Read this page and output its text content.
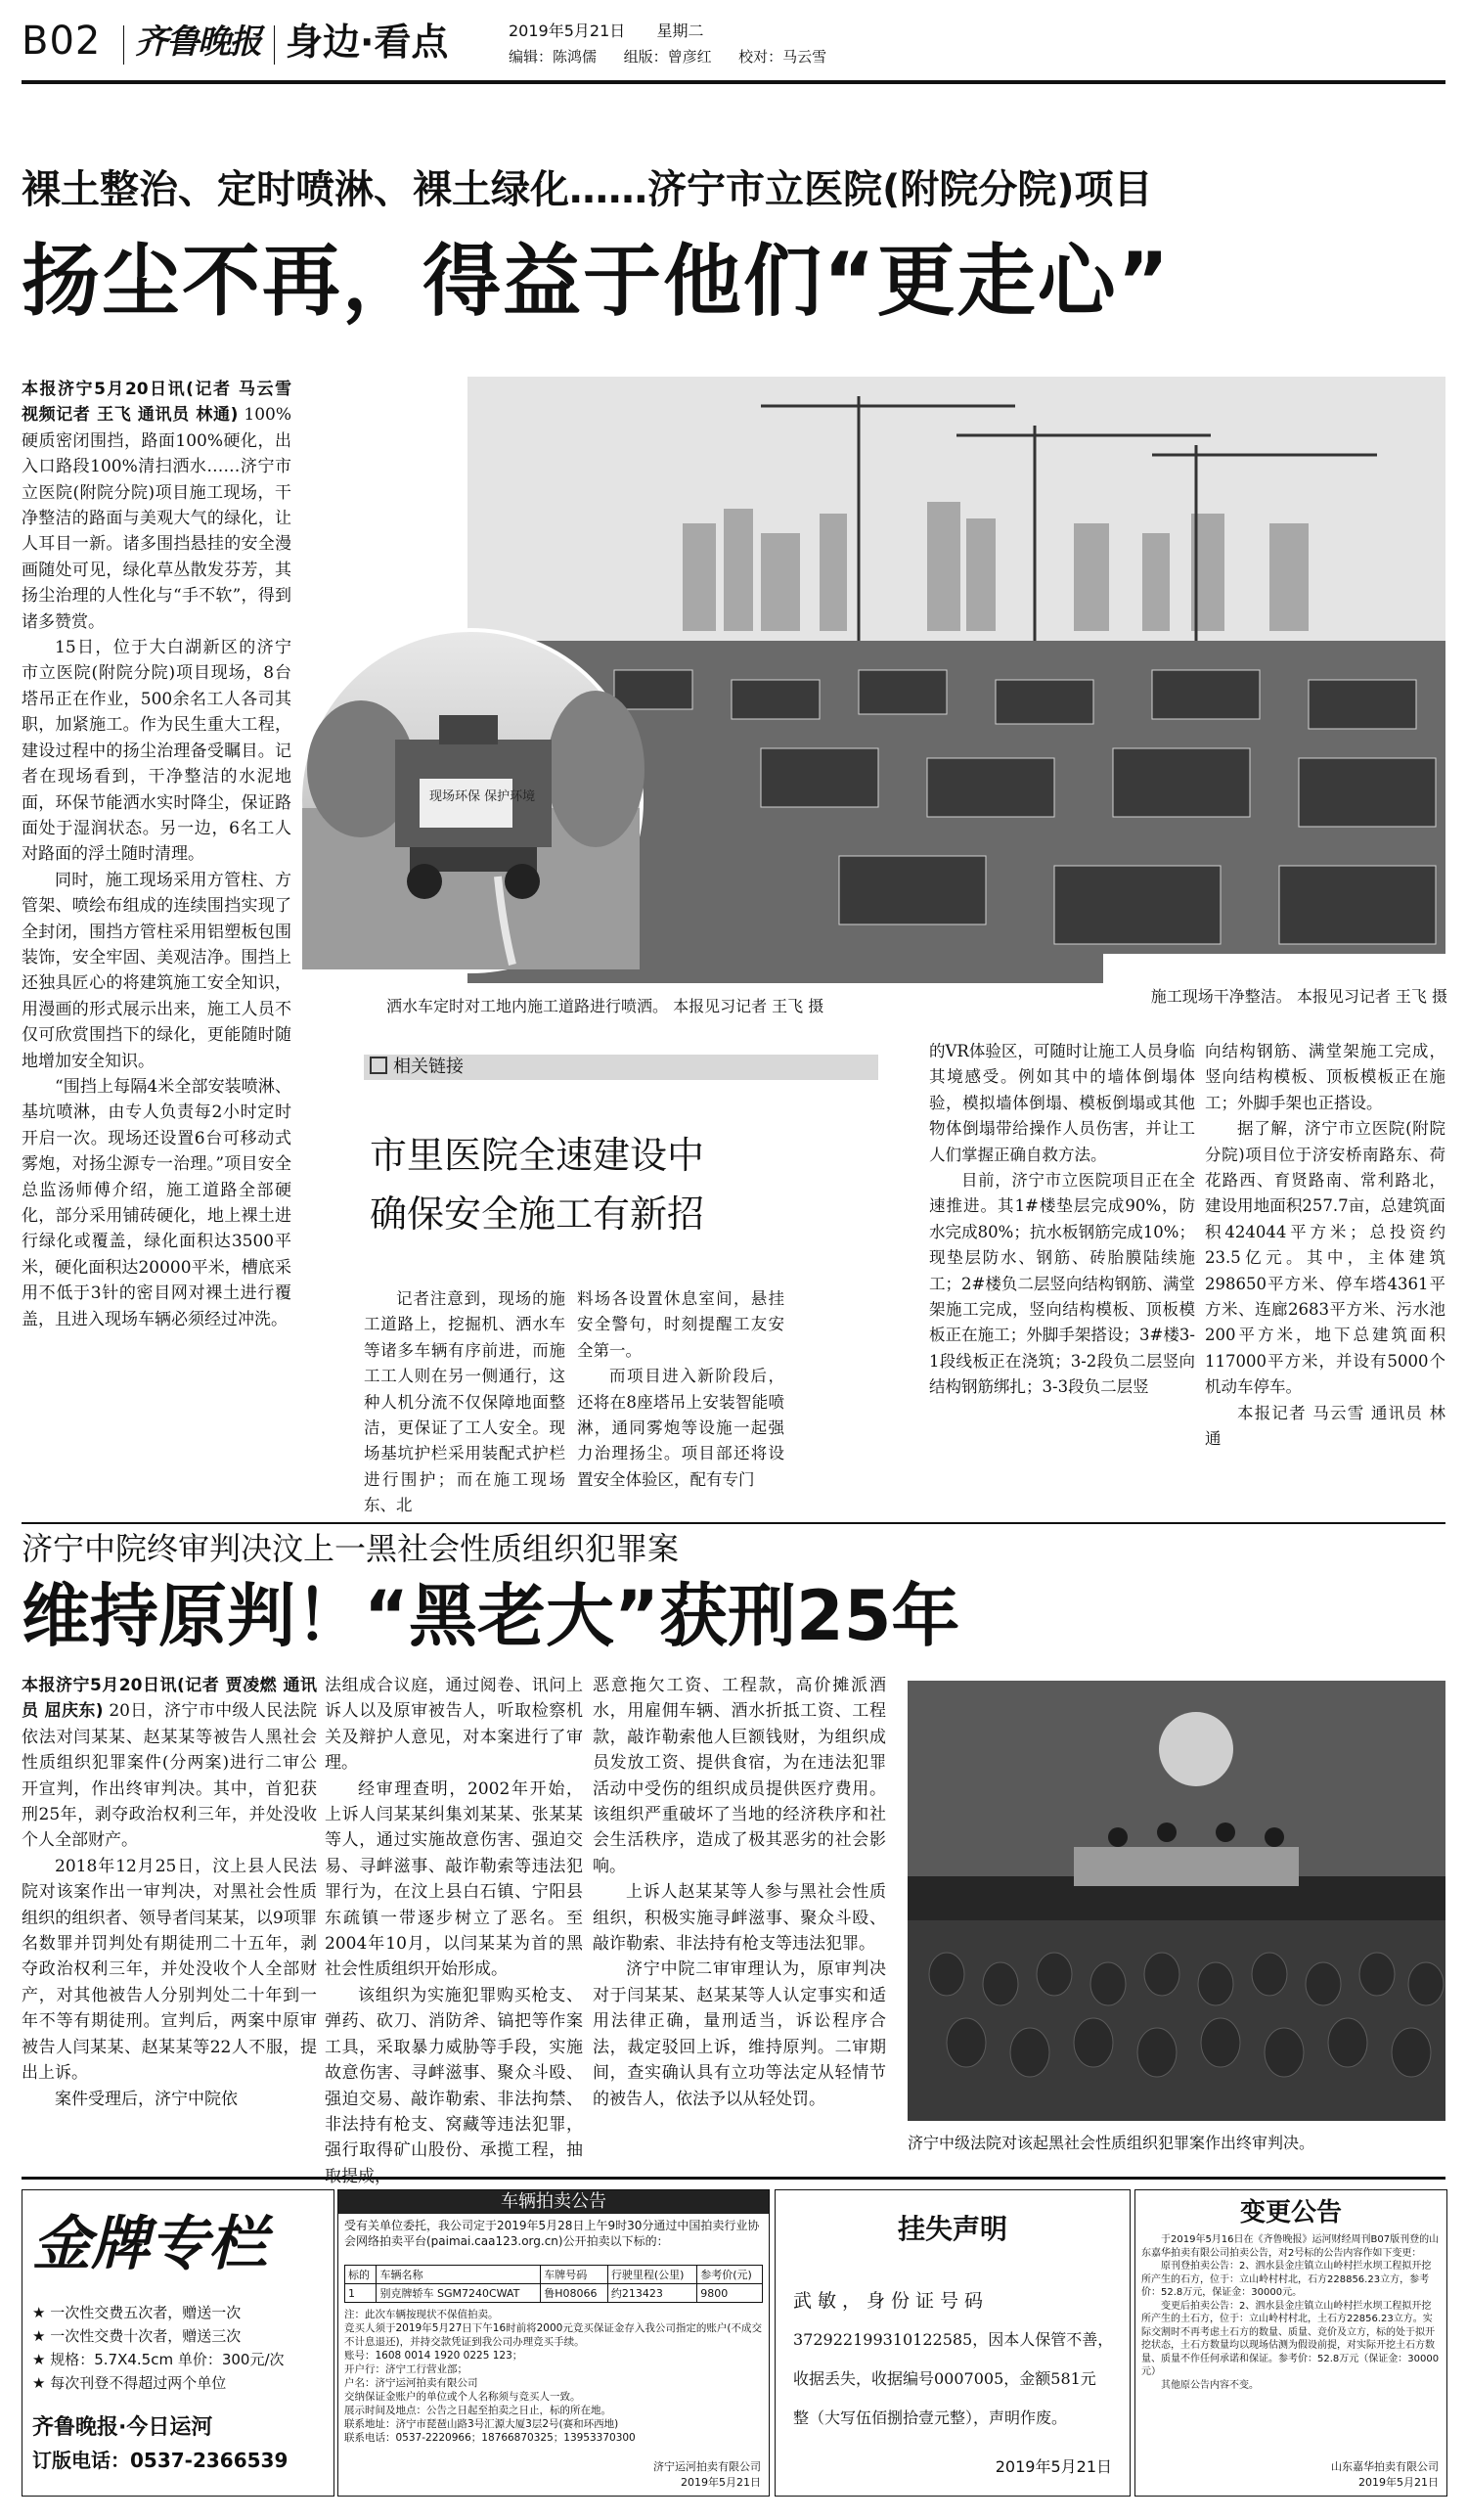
B02 齐鲁晚报 身边·看点	2019年5月21日 星期二
编辑：陈鸿儒 组版：曾彦红 校对：马云雪
裸土整治、定时喷淋、裸土绿化……济宁市立医院(附院分院)项目
扬尘不再，得益于他们“更走心”

本报济宁5月20日讯(记者 马云雪 视频记者 王飞 通讯员 林通) 100%硬质密闭围挡，路面100%硬化，出入口路段100%清扫洒水……济宁市立医院(附院分院)项目施工现场，干净整洁的路面与美观大气的绿化，让人耳目一新。诸多围挡悬挂的安全漫画随处可见，绿化草丛散发芬芳，其扬尘治理的人性化与“手不软”，得到诸多赞赏。

15日，位于大白湖新区的济宁市立医院(附院分院)项目现场，8台塔吊正在作业，500余名工人各司其职，加紧施工。作为民生重大工程，建设过程中的扬尘治理备受瞩目。记者在现场看到，干净整洁的水泥地面，环保节能洒水实时降尘，保证路面处于湿润状态。另一边，6名工人对路面的浮土随时清理。

同时，施工现场采用方管柱、方管架、喷绘布组成的连续围挡实现了全封闭，围挡方管柱采用铝塑板包围装饰，安全牢固、美观洁净。围挡上还独具匠心的将建筑施工安全知识，用漫画的形式展示出来，施工人员不仅可欣赏围挡下的绿化，更能随时随地增加安全知识。

“围挡上每隔4米全部安装喷淋、基坑喷淋，由专人负责每2小时定时开启一次。现场还设置6台可移动式雾炮，对扬尘源专一治理。”项目安全总监汤师傅介绍，施工道路全部硬化，部分采用铺砖硬化，地上裸土进行绿化或覆盖，绿化面积达3500平米，硬化面积达20000平米，槽底采用不低于3针的密目网对裸土进行覆盖，且进入现场车辆必须经过冲洗。

施工现场干净整洁。 本报见习记者 王飞 摄
现场环保 保护环境
洒水车定时对工地内施工道路进行喷洒。 本报见习记者 王飞 摄
相关链接
市里医院全速建设中
确保安全施工有新招

记者注意到，现场的施工道路上，挖掘机、洒水车等诸多车辆有序前进，而施工工人则在另一侧通行，这种人机分流不仅保障地面整洁，更保证了工人安全。现场基坑护栏采用装配式护栏进行围护；而在施工现场东、北

料场各设置休息室间，悬挂安全警句，时刻提醒工友安全第一。

而项目进入新阶段后，还将在8座塔吊上安装智能喷淋，通同雾炮等设施一起强力治理扬尘。项目部还将设置安全体验区，配有专门

的VR体验区，可随时让施工人员身临其境感受。例如其中的墙体倒塌体验，模拟墙体倒塌、模板倒塌或其他物体倒塌带给操作人员伤害，并让工人们掌握正确自救方法。

目前，济宁市立医院项目正在全速推进。其1#楼垫层完成90%，防水完成80%；抗水板钢筋完成10%；现垫层防水、钢筋、砖胎膜陆续施工；2#楼负二层竖向结构钢筋、满堂架施工完成，竖向结构模板、顶板模板正在施工；外脚手架搭设；3#楼3-1段线板正在浇筑；3-2段负二层竖向结构钢筋绑扎；3-3段负二层竖

向结构钢筋、满堂架施工完成，竖向结构模板、顶板模板正在施工；外脚手架也正搭设。

据了解，济宁市立医院(附院分院)项目位于济安桥南路东、荷花路西、育贤路南、常利路北，建设用地面积257.7亩，总建筑面积424044平方米；总投资约23.5亿元。其中，主体建筑298650平方米、停车塔4361平方米、连廊2683平方米、污水池200平方米，地下总建筑面积117000平方米，并设有5000个机动车停车。

本报记者 马云雪 通讯员 林通

济宁中院终审判决汶上一黑社会性质组织犯罪案
维持原判！“黑老大”获刑25年

本报济宁5月20日讯(记者 贾凌燃 通讯员 屈庆东) 20日，济宁市中级人民法院依法对闫某某、赵某某等被告人黑社会性质组织犯罪案件(分两案)进行二审公开宣判，作出终审判决。其中，首犯获刑25年，剥夺政治权利三年，并处没收个人全部财产。

2018年12月25日，汶上县人民法院对该案作出一审判决，对黑社会性质组织的组织者、领导者闫某某，以9项罪名数罪并罚判处有期徒刑二十五年，剥夺政治权利三年，并处没收个人全部财产，对其他被告人分别判处二十年到一年不等有期徒刑。宣判后，两案中原审被告人闫某某、赵某某等22人不服，提出上诉。

案件受理后，济宁中院依

法组成合议庭，通过阅卷、讯问上诉人以及原审被告人，听取检察机关及辩护人意见，对本案进行了审理。

经审理查明，2002年开始，上诉人闫某某纠集刘某某、张某某等人，通过实施故意伤害、强迫交易、寻衅滋事、敲诈勒索等违法犯罪行为，在汶上县白石镇、宁阳县东疏镇一带逐步树立了恶名。至2004年10月，以闫某某为首的黑社会性质组织开始形成。

该组织为实施犯罪购买枪支、弹药、砍刀、消防斧、镐把等作案工具，采取暴力威胁等手段，实施故意伤害、寻衅滋事、聚众斗殴、强迫交易、敲诈勒索、非法拘禁、非法持有枪支、窝藏等违法犯罪，强行取得矿山股份、承揽工程，抽

恶意拖欠工资、工程款，高价摊派酒水，用雇佣车辆、酒水折抵工资、工程款，敲诈勒索他人巨额钱财，为组织成员发放工资、提供食宿，为在违法犯罪活动中受伤的组织成员提供医疗费用。该组织严重破坏了当地的经济秩序和社会生活秩序，造成了极其恶劣的社会影响。

上诉人赵某某等人参与黑社会性质组织，积极实施寻衅滋事、聚众斗殴、敲诈勒索、非法持有枪支等违法犯罪。

济宁中院二审审理认为，原审判决对于闫某某、赵某某等人认定事实和适用法律正确，量刑适当，诉讼程序合法，裁定驳回上诉，维持原判。二审期间，查实确认具有立功等法定从轻情节的被告人，依法予以从轻处罚。

济宁中级法院对该起黑社会性质组织犯罪案作出终审判决。
金牌专栏
★ 一次性交费五次者，赠送一次
★ 一次性交费十次者，赠送三次
★ 规格：5.7X4.5cm 单价：300元/次
★ 每次刊登不得超过两个单位
齐鲁晚报·今日运河
订版电话：0537-2366539
车辆拍卖公告
受有关单位委托，我公司定于2019年5月28日上午9时30分通过中国拍卖行业协会网络拍卖平台(paimai.caa123.org.cn)公开拍卖以下标的：
标的	车辆名称	车牌号码	行驶里程(公里)	参考价(元)
1	别克牌轿车 SGM7240CWAT	鲁H08066	约213423	9800
注：此次车辆按现状不保值拍卖。
竞买人须于2019年5月27日下午16时前将2000元竞买保证金存入我公司指定的账户(不成交不计息退还)，并持交款凭证到我公司办理竞买手续。
账号：1608 0014 1920 0225 123；
开户行：济宁工行营业部；
户名：济宁运河拍卖有限公司
交纳保证金账户的单位或个人名称须与竞买人一致。
展示时间及地点：公告之日起至拍卖之日止，标的所在地。
联系地址：济宁市琵琶山路3号汇源大厦3层2号(赛和环西地)
联系电话：0537-2220966；18766870325；13953370300
济宁运河拍卖有限公司
2019年5月21日
挂失声明
武敏，身份证号码
372922199310122585，因本人保管不善，
收据丢失，收据编号0007005，金额581元
整（大写伍佰捌拾壹元整），声明作废。
2019年5月21日
变更公告
于2019年5月16日在《齐鲁晚报》运河财经周刊B07版刊登的山东嘉华拍卖有限公司拍卖公告，对2号标的公告内容作如下变更：
原刊登拍卖公告：2、泗水县金庄镇立山岭村拦水坝工程拟开挖所产生的石方，位于：立山岭村村北，石方228856.23立方，参考价：52.8万元，保证金：30000元。
变更后拍卖公告：2、泗水县金庄镇立山岭村拦水坝工程拟开挖所产生的土石方，位于：立山岭村村北，土石方22856.23立方。实际交割时不再考虑土石方的数量、质量、竞价及立方，标的处于拟开挖状态，土石方数量均以现场估测为假设前提，对实际开挖土石方数量、质量不作任何承诺和保证。参考价：52.8万元（保证金：30000元）
其他原公告内容不变。
山东嘉华拍卖有限公司
2019年5月21日
